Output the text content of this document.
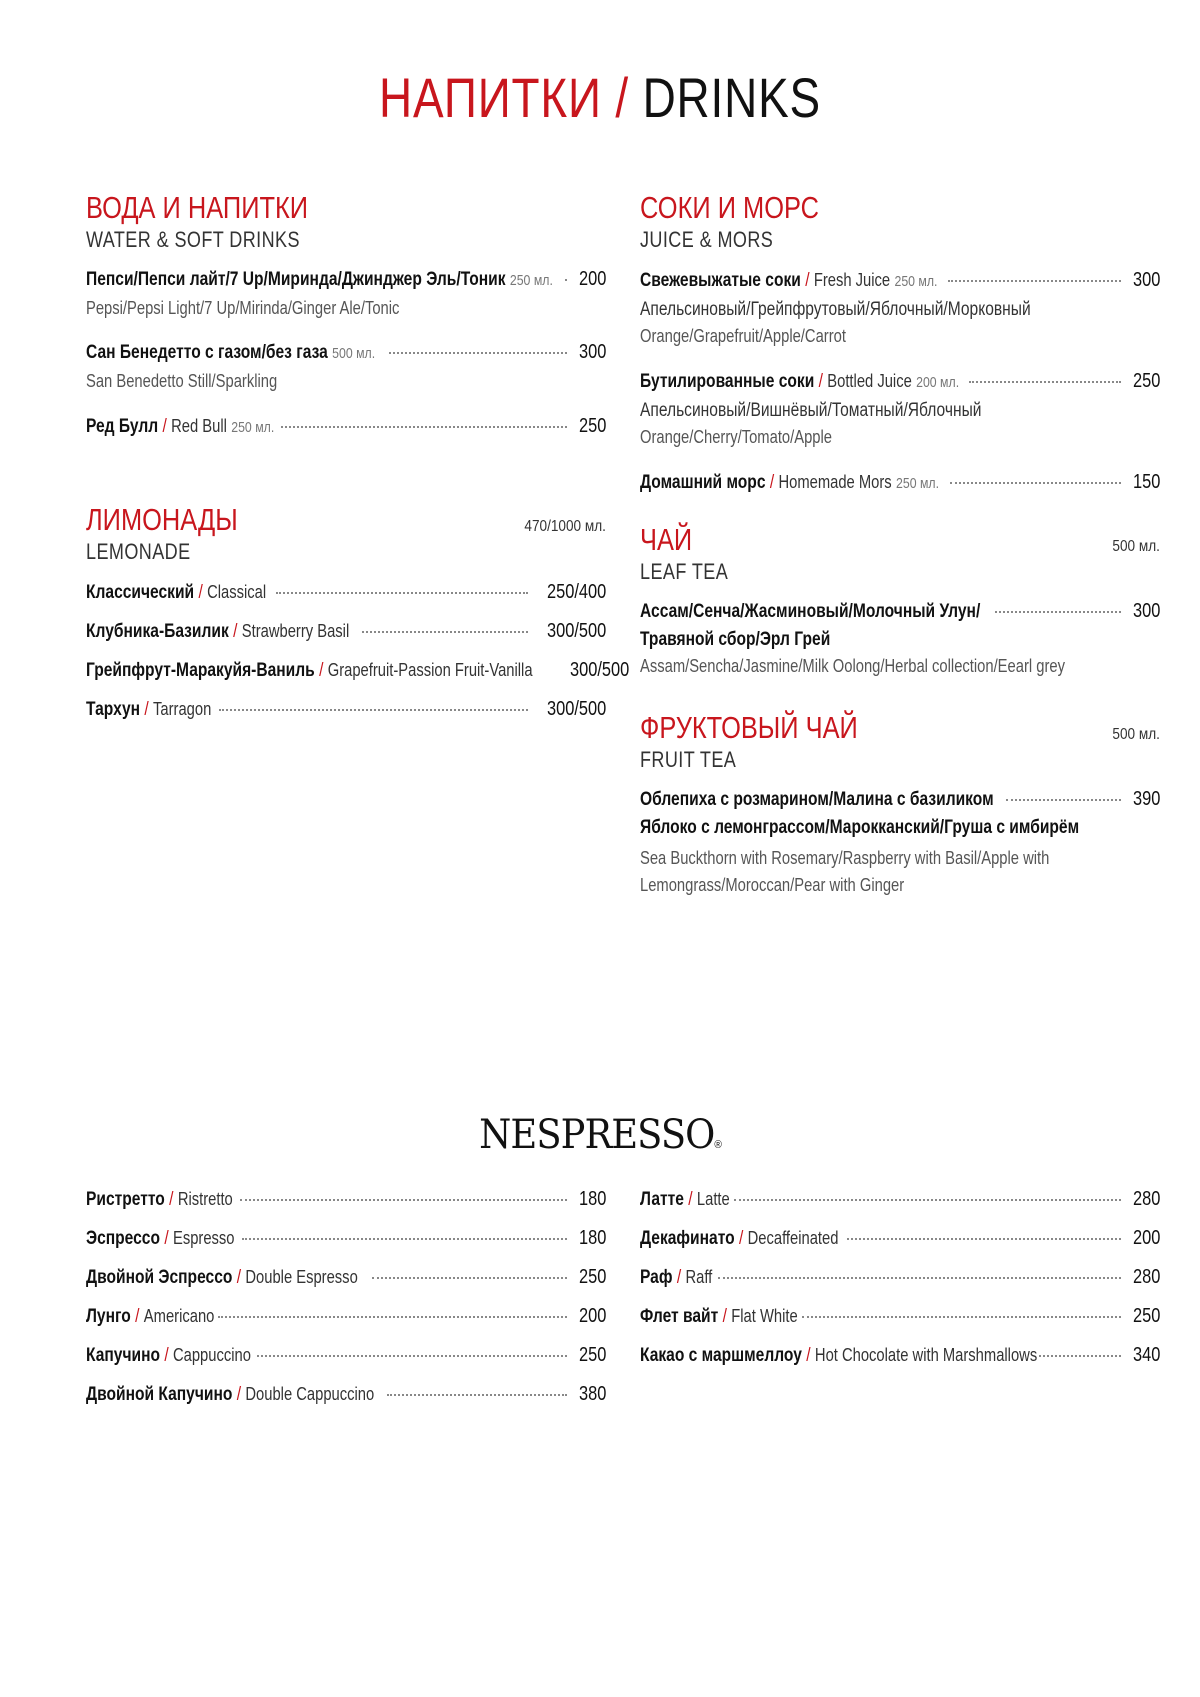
НАПИТКИ / DRINKS
ВОДА И НАПИТКИ
WATER & SOFT DRINKS
Пепси/Пепси лайт/7 Up/Миринда/Джинджер Эль/Тоник 250 мл. 200
Pepsi/Pepsi Light/7 Up/Mirinda/Ginger Ale/Tonic
Сан Бенедетто с газом/без газа 500 мл.	300
San Benedetto Still/Sparkling
Ред Булл / Red Bull 250 мл.	250
ЛИМОНАДЫ	470/1000 мл.
LEMONADE
Классический / Classical	250/400
Клубника-Базилик / Strawberry Basil	300/500
Грейпфрут-Маракуйя-Ваниль / Grapefruit-Passion Fruit-Vanilla 300/500
Тархун / Tarragon	300/500
СОКИ И МОРС
JUICE & MORS
Свежевыжатые соки / Fresh Juice 250 мл.	300
Апельсиновый/Грейпфрутовый/Яблочный/Морковный
Orange/Grapefruit/Apple/Carrot
Бутилированные соки / Bottled Juice 200 мл.	250
Апельсиновый/Вишнёвый/Томатный/Яблочный
Orange/Cherry/Tomato/Apple
Домашний морс / Homemade Mors 250 мл.	150
ЧАЙ	500 мл.
LEAF TEA
Ассам/Сенча/Жасминовый/Молочный Улун/	300
Травяной сбор/Эрл Грей
Assam/Sencha/Jasmine/Milk Oolong/Herbal collection/Eearl grey
ФРУКТОВЫЙ ЧАЙ	500 мл.
FRUIT TEA
Облепиха с розмарином/Малина с базиликом	390
Яблоко с лемонграссом/Марокканский/Груша с имбирём
Sea Buckthorn with Rosemary/Raspberry with Basil/Apple with
Lemongrass/Moroccan/Pear with Ginger
NESPRESSO®
Ристретто / Ristretto	180
Эспрессо / Espresso	180
Двойной Эспрессо / Double Espresso	250
Лунго / Americano	200
Капучино / Cappuccino	250
Двойной Капучино / Double Cappuccino	380
Латте / Latte	280
Декафинато / Decaffeinated	200
Раф / Raff	280
Флет вайт / Flat White	250
Какао с маршмеллоу / Hot Chocolate with Marshmallows	340
